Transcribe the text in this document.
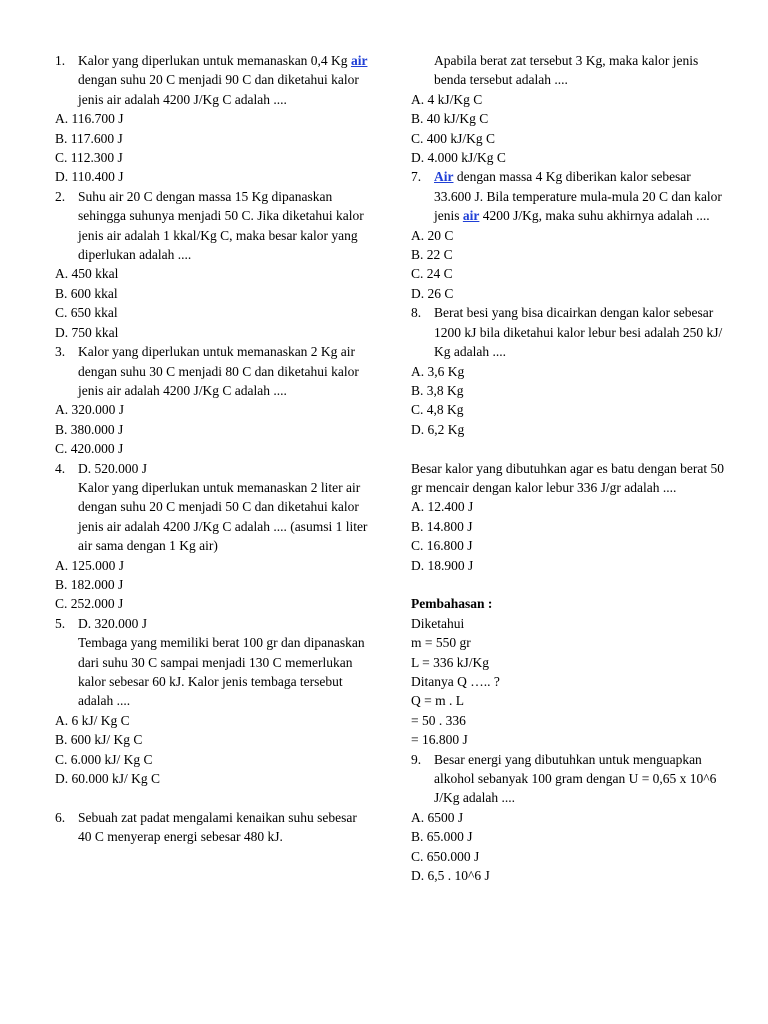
1. Kalor yang diperlukan untuk memanaskan 0,4 Kg air dengan suhu 20 C menjadi 90 C dan diketahui kalor jenis air adalah 4200 J/Kg C adalah ....
A. 116.700 J
B. 117.600 J
C. 112.300 J
D. 110.400 J
2. Suhu air 20 C dengan massa 15 Kg dipanaskan sehingga suhunya menjadi 50 C. Jika diketahui kalor jenis air adalah 1 kkal/Kg C, maka besar kalor yang diperlukan adalah ....
A. 450 kkal
B. 600 kkal
C. 650 kkal
D. 750 kkal
3. Kalor yang diperlukan untuk memanaskan 2 Kg air dengan suhu 30 C menjadi 80 C dan diketahui kalor jenis air adalah 4200 J/Kg C adalah ....
A. 320.000 J
B. 380.000 J
C. 420.000 J
4. D. 520.000 J
Kalor yang diperlukan untuk memanaskan 2 liter air dengan suhu 20 C menjadi 50 C dan diketahui kalor jenis air adalah 4200 J/Kg C adalah .... (asumsi 1 liter air sama dengan 1 Kg air)
A. 125.000 J
B. 182.000 J
C. 252.000 J
5. D. 320.000 J
Tembaga yang memiliki berat 100 gr dan dipanaskan dari suhu 30 C sampai menjadi 130 C memerlukan kalor sebesar 60 kJ. Kalor jenis tembaga tersebut adalah ....
A. 6 kJ/ Kg C
B. 600 kJ/ Kg C
C. 6.000 kJ/ Kg C
D. 60.000 kJ/ Kg C
6. Sebuah zat padat mengalami kenaikan suhu sebesar 40 C menyerap energi sebesar 480 kJ.
Apabila berat zat tersebut 3 Kg, maka kalor jenis benda tersebut adalah ....
A. 4 kJ/Kg C
B. 40 kJ/Kg C
C. 400 kJ/Kg C
D. 4.000 kJ/Kg C
7. Air dengan massa 4 Kg diberikan kalor sebesar 33.600 J. Bila temperature mula-mula 20 C dan kalor jenis air 4200 J/Kg, maka suhu akhirnya adalah ....
A. 20 C
B. 22 C
C. 24 C
D. 26 C
8. Berat besi yang bisa dicairkan dengan kalor sebesar 1200 kJ bila diketahui kalor lebur besi adalah 250 kJ/ Kg adalah ....
A. 3,6 Kg
B. 3,8 Kg
C. 4,8 Kg
D. 6,2 Kg
Besar kalor yang dibutuhkan agar es batu dengan berat 50 gr mencair dengan kalor lebur 336 J/gr adalah ....
A. 12.400 J
B. 14.800 J
C. 16.800 J
D. 18.900 J
Pembahasan :
Diketahui
m = 550 gr
L = 336 kJ/Kg
Ditanya Q ….. ?
Q = m . L
= 50 . 336
= 16.800 J
9. Besar energi yang dibutuhkan untuk menguapkan alkohol sebanyak 100 gram dengan U = 0,65 x 10^6 J/Kg adalah ....
A. 6500 J
B. 65.000 J
C. 650.000 J
D. 6,5 . 10^6 J
